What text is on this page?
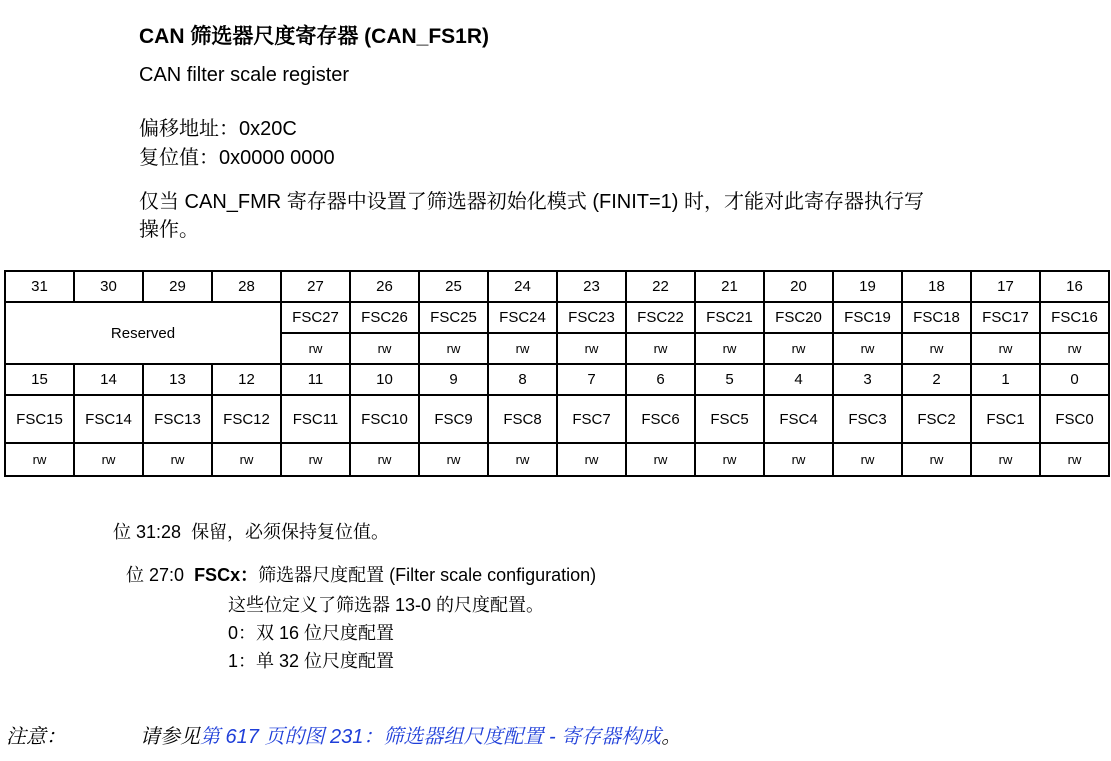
CAN 筛选器尺度寄存器 (CAN_FS1R)
CAN filter scale register
偏移地址：0x20C
复位值：0x0000 0000
仅当 CAN_FMR 寄存器中设置了筛选器初始化模式 (FINIT=1) 时，才能对此寄存器执行写
操作。
31	30	29	28	27	26	25	24	23	22	21	20	19	18	17	16
Reserved				FSC27	FSC26	FSC25	FSC24	FSC23	FSC22	FSC21	FSC20	FSC19	FSC18	FSC17	FSC16
				rw	rw	rw	rw	rw	rw	rw	rw	rw	rw	rw	rw
15	14	13	12	11	10	9	8	7	6	5	4	3	2	1	0
FSC15	FSC14	FSC13	FSC12	FSC11	FSC10	FSC9	FSC8	FSC7	FSC6	FSC5	FSC4	FSC3	FSC2	FSC1	FSC0
rw	rw	rw	rw	rw	rw	rw	rw	rw	rw	rw	rw	rw	rw	rw	rw
位 31:28 保留，必须保持复位值。
位 27:0 FSCx：筛选器尺度配置 (Filter scale configuration)
这些位定义了筛选器 13-0 的尺度配置。
0：双 16 位尺度配置
1：单 32 位尺度配置
注意：	请参见第 617 页的图 231：筛选器组尺度配置 - 寄存器构成。
